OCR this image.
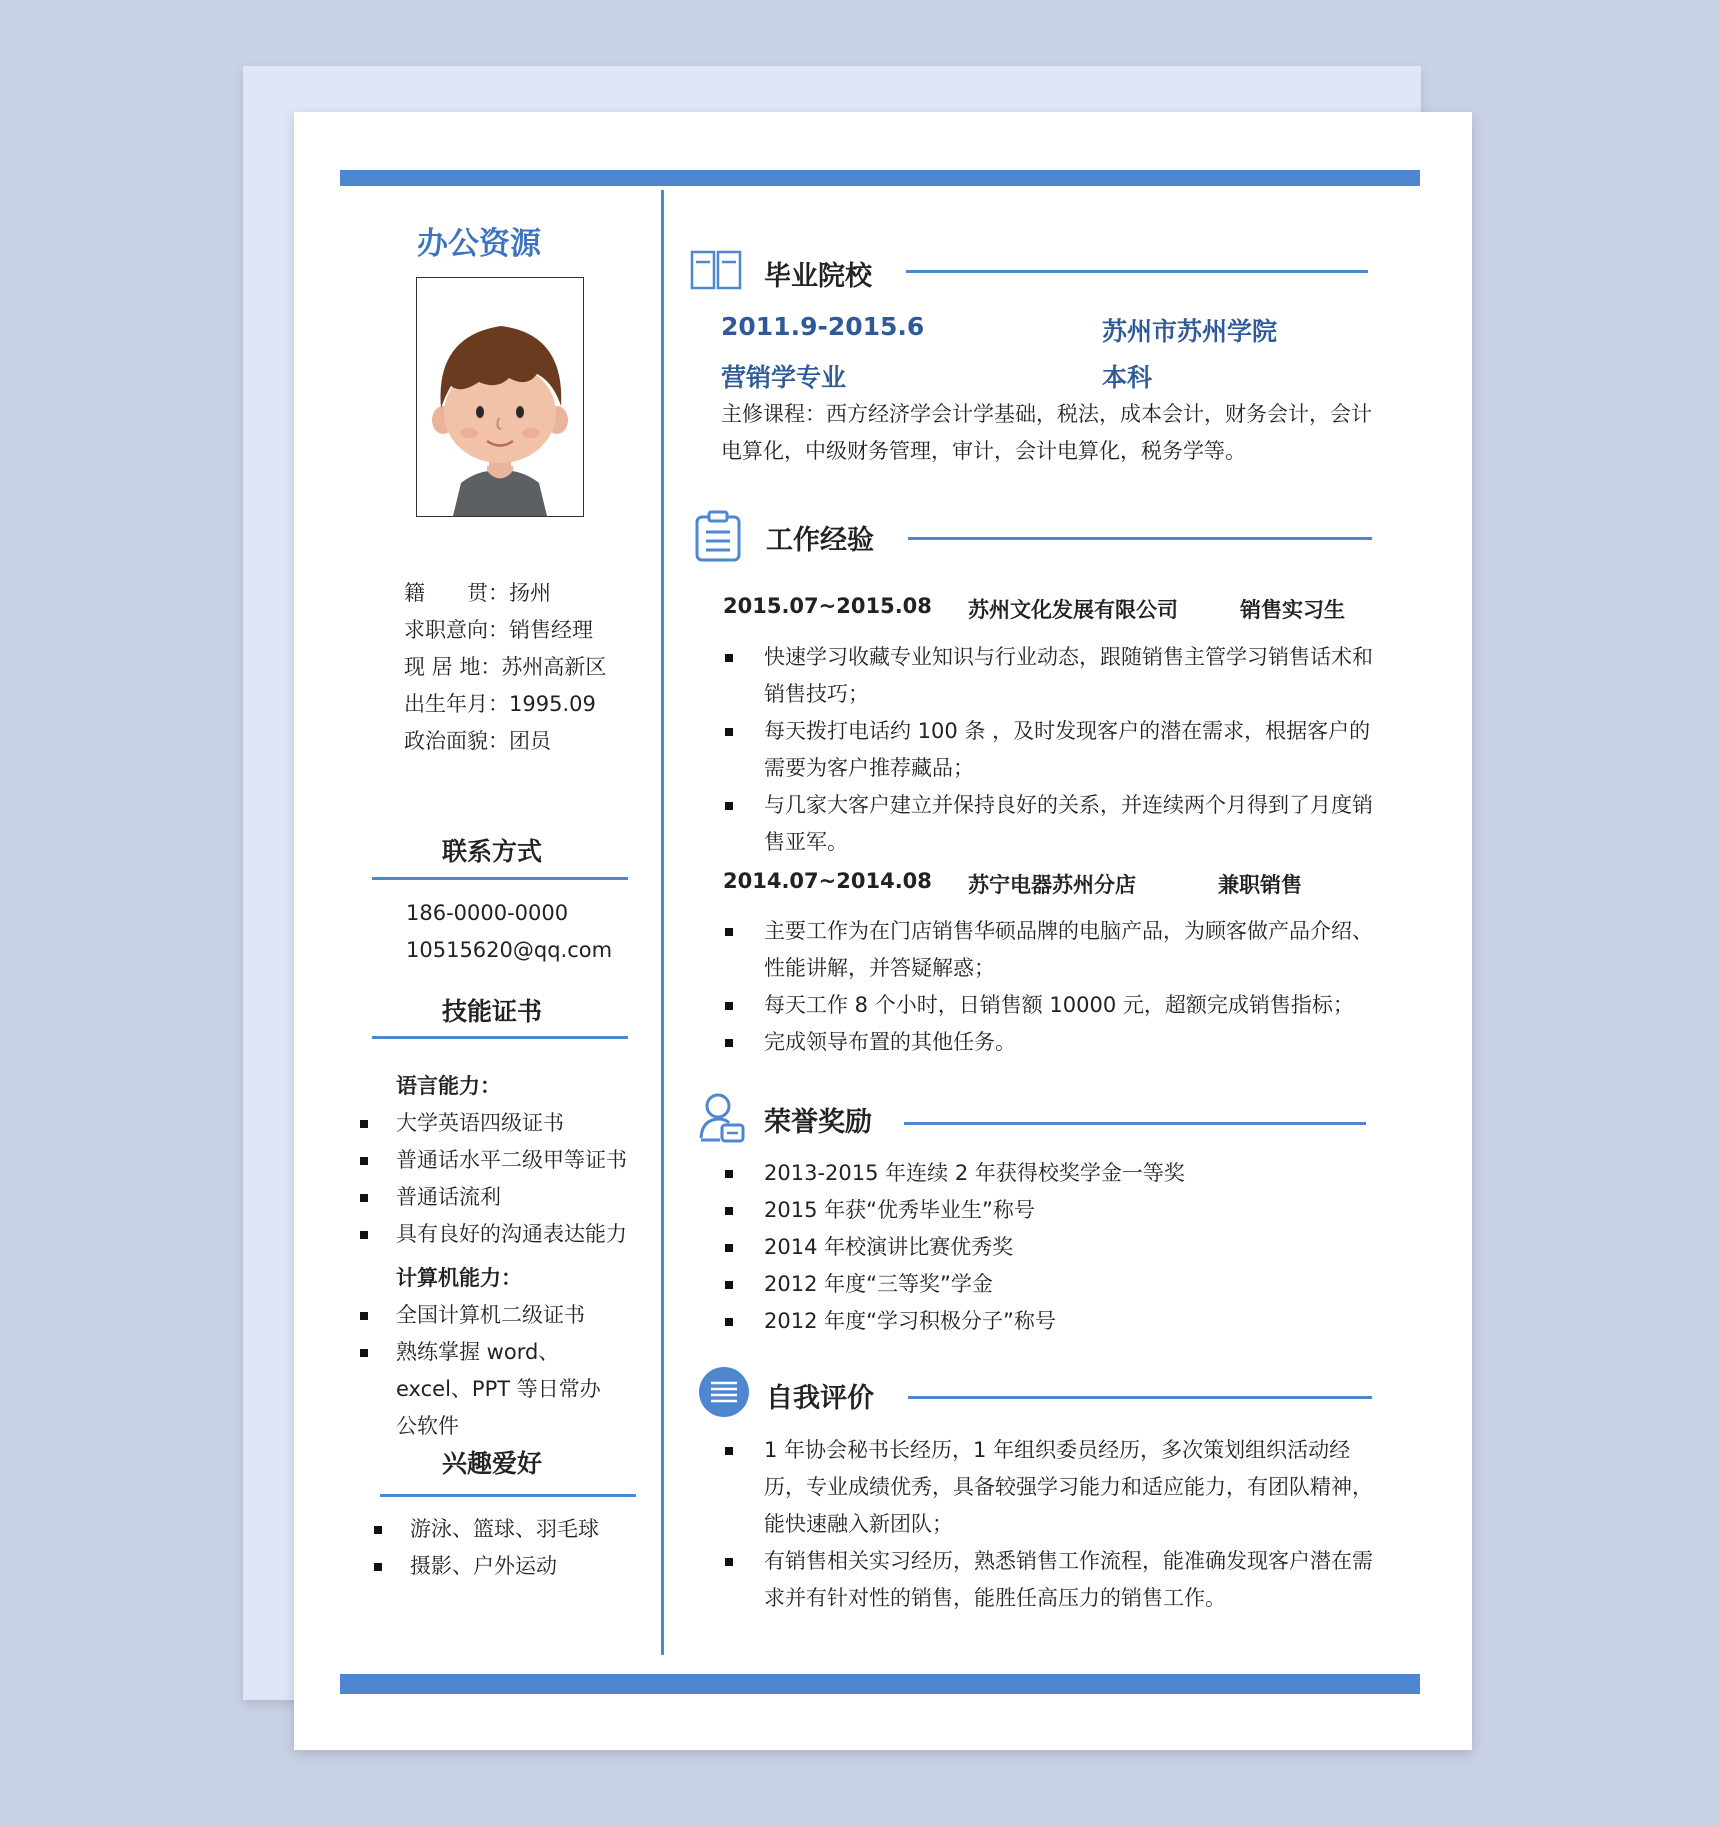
办公资源
籍　　贯：扬州
求职意向：销售经理
现 居 地：苏州高新区
出生年月：1995.09
政治面貌：团员
联系方式
186-0000-0000
10515620@qq.com
技能证书
语言能力：
大学英语四级证书
普通话水平二级甲等证书
普通话流利
具有良好的沟通表达能力
计算机能力：
全国计算机二级证书
熟练掌握 word、excel、PPT 等日常办公软件
兴趣爱好
游泳、篮球、羽毛球
摄影、户外运动
毕业院校
2011.9-2015.6	苏州市苏州学院
营销学专业	本科
主修课程：西方经济学会计学基础，税法，成本会计，财务会计，会计电算化，中级财务管理，审计，会计电算化，税务学等。
工作经验
2015.07~2015.08 苏州文化发展有限公司	销售实习生
快速学习收藏专业知识与行业动态，跟随销售主管学习销售话术和销售技巧；
每天拨打电话约 100 条 ，及时发现客户的潜在需求，根据客户的需要为客户推荐藏品；
与几家大客户建立并保持良好的关系，并连续两个月得到了月度销售亚军。
2014.07~2014.08 苏宁电器苏州分店	兼职销售
主要工作为在门店销售华硕品牌的电脑产品，为顾客做产品介绍、性能讲解，并答疑解惑；
每天工作 8 个小时，日销售额 10000 元，超额完成销售指标；
完成领导布置的其他任务。
荣誉奖励
2013-2015 年连续 2 年获得校奖学金一等奖
2015 年获“优秀毕业生”称号
2014 年校演讲比赛优秀奖
2012 年度“三等奖”学金
2012 年度“学习积极分子”称号
自我评价
1 年协会秘书长经历，1 年组织委员经历，多次策划组织活动经历，专业成绩优秀，具备较强学习能力和适应能力，有团队精神，能快速融入新团队；
有销售相关实习经历，熟悉销售工作流程，能准确发现客户潜在需求并有针对性的销售，能胜任高压力的销售工作。
